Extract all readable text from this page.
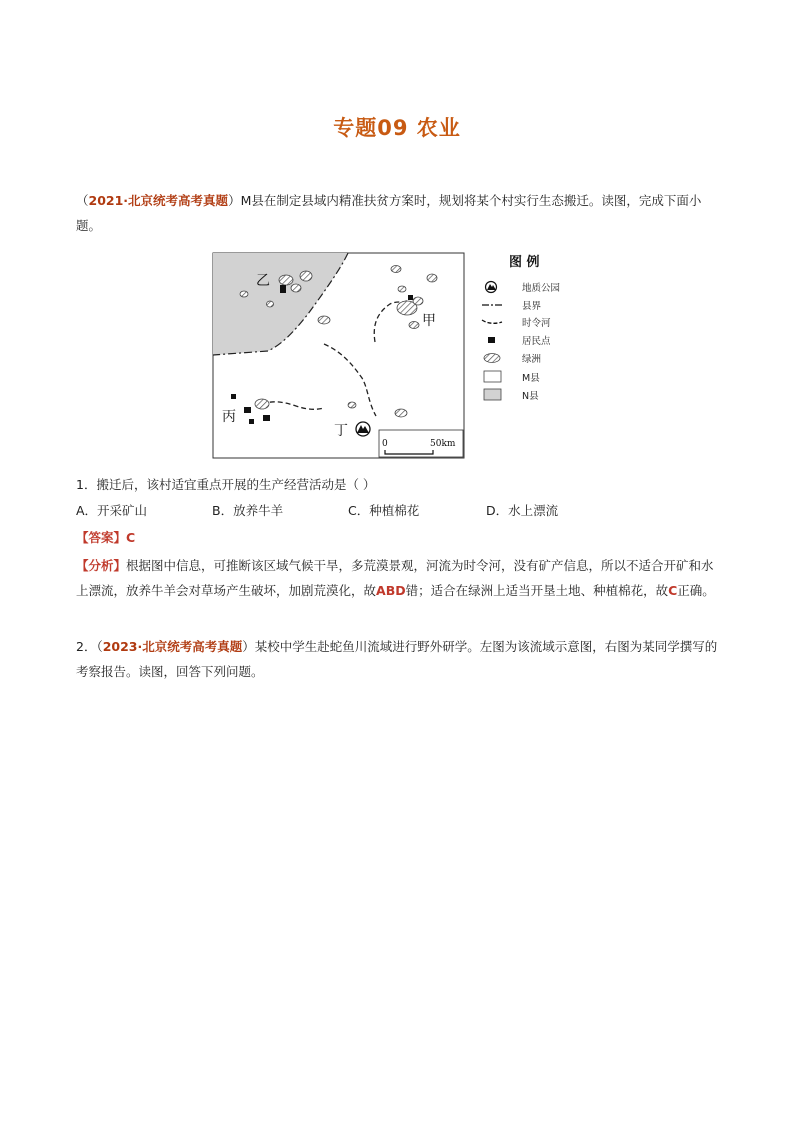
专题09 农业
（2021·北京统考高考真题）M县在制定县域内精准扶贫方案时，规划将某个村实行生态搬迁。读图，完成下面小题。
乙
甲
丙
丁
0	50km
图 例
地质公园
县界
时令河
居民点
绿洲
M县
N县
1．搬迁后，该村适宜重点开展的生产经营活动是（ ）
A．开采矿山	B．放养牛羊	C．种植棉花	D．水上漂流
【答案】C
【分析】根据图中信息，可推断该区域气候干旱，多荒漠景观，河流为时令河，没有矿产信息，所以不适合开矿和水上漂流，放养牛羊会对草场产生破坏，加剧荒漠化，故ABD错；适合在绿洲上适当开垦土地、种植棉花，故C正确。
2．（2023·北京统考高考真题）某校中学生赴蛇鱼川流域进行野外研学。左图为该流域示意图，右图为某同学撰写的考察报告。读图，回答下列问题。
